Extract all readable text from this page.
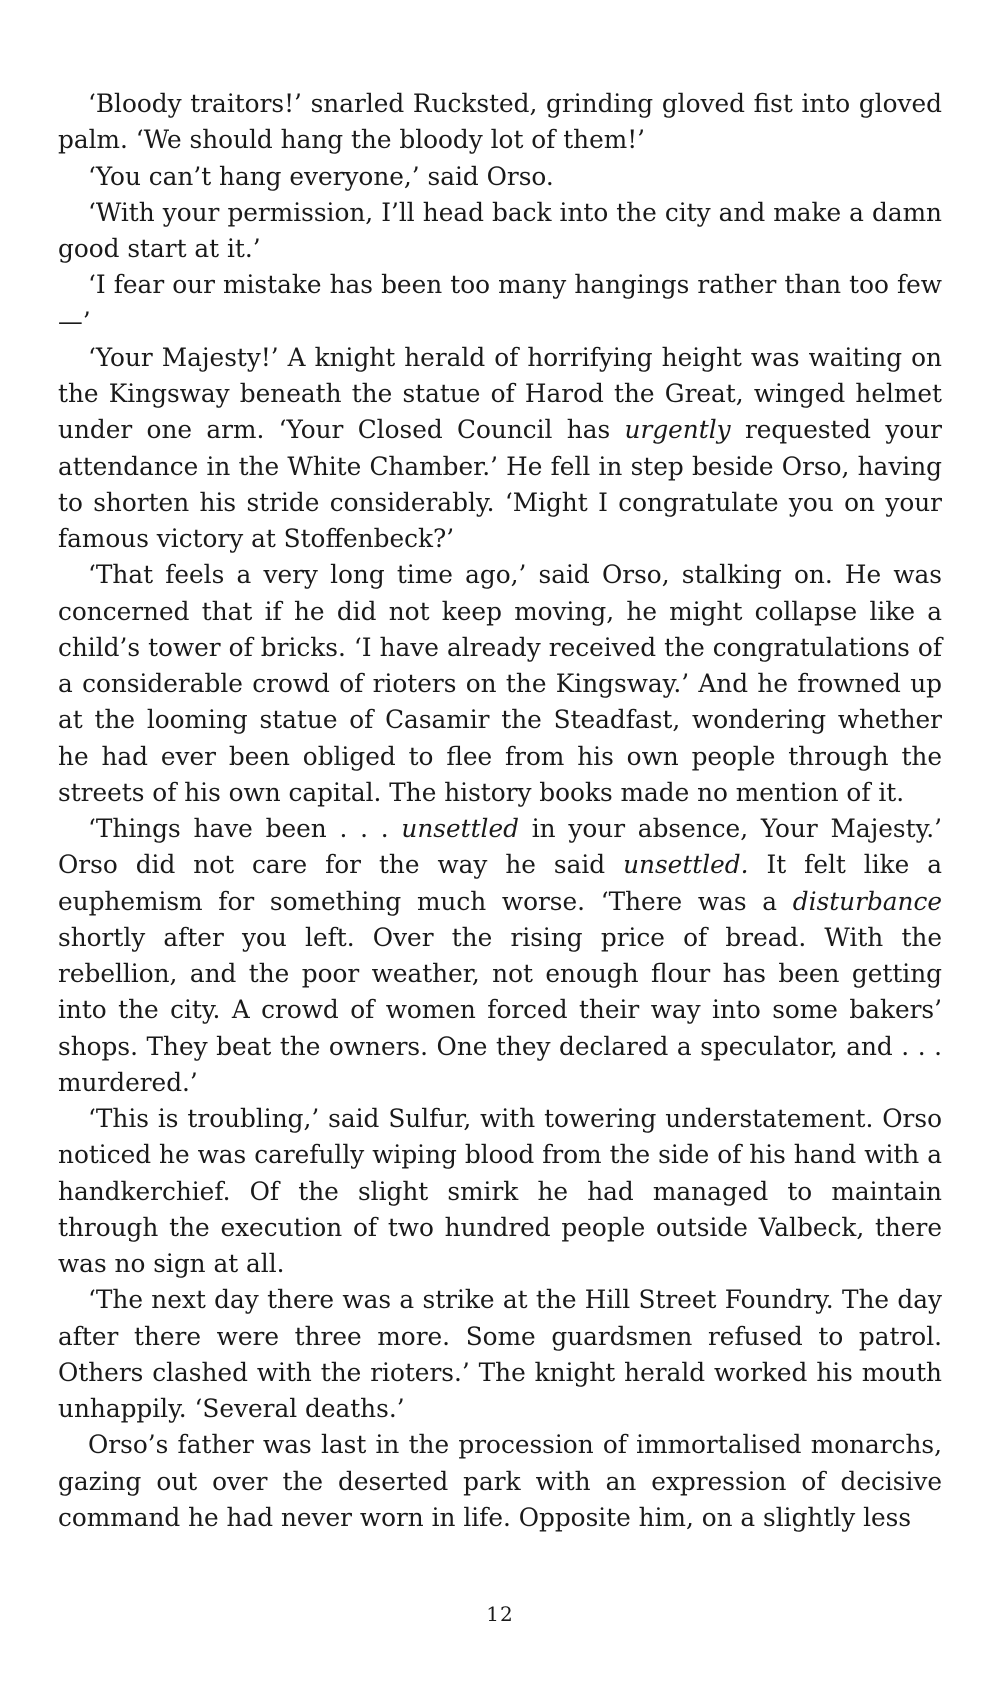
‘Bloody traitors!’ snarled Rucksted, grinding gloved fist into gloved palm. ‘We should hang the bloody lot of them!’

‘You can’t hang everyone,’ said Orso.

‘With your permission, I’ll head back into the city and make a damn good start at it.’

‘I fear our mistake has been too many hangings rather than too few—’

‘Your Majesty!’ A knight herald of horrifying height was waiting on the Kingsway beneath the statue of Harod the Great, winged helmet under one arm. ‘Your Closed Council has urgently requested your attendance in the White Chamber.’ He fell in step beside Orso, having to shorten his stride considerably. ‘Might I congratulate you on your famous victory at Stoffenbeck?’

‘That feels a very long time ago,’ said Orso, stalking on. He was concerned that if he did not keep moving, he might collapse like a child’s tower of bricks. ‘I have already received the congratulations of a considerable crowd of rioters on the Kingsway.’ And he frowned up at the looming statue of Casamir the Steadfast, wondering whether he had ever been obliged to flee from his own people through the streets of his own capital. The history books made no mention of it.

‘Things have been . . . unsettled in your absence, Your Majesty.’ Orso did not care for the way he said unsettled. It felt like a euphemism for something much worse. ‘There was a disturbance shortly after you left. Over the rising price of bread. With the rebellion, and the poor weather, not enough flour has been getting into the city. A crowd of women forced their way into some bakers’ shops. They beat the owners. One they declared a speculator, and . . . murdered.’

‘This is troubling,’ said Sulfur, with towering understatement. Orso noticed he was carefully wiping blood from the side of his hand with a handkerchief. Of the slight smirk he had managed to maintain through the execution of two hundred people outside Valbeck, there was no sign at all.

‘The next day there was a strike at the Hill Street Foundry. The day after there were three more. Some guardsmen refused to patrol. Others clashed with the rioters.’ The knight herald worked his mouth unhappily. ‘Several deaths.’

Orso’s father was last in the procession of immortalised monarchs, gazing out over the deserted park with an expression of decisive command he had never worn in life. Opposite him, on a slightly less

12
